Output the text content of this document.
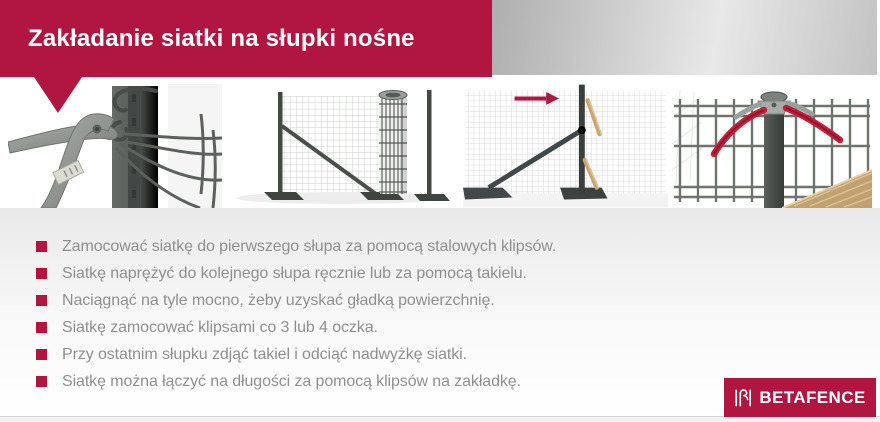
Zakładanie siatki na słupki nośne
Zamocować siatkę do pierwszego słupa za pomocą stalowych klipsów.
Siatkę naprężyć do kolejnego słupa ręcznie lub za pomocą takielu.
Naciągnąć na tyle mocno, żeby uzyskać gładką powierzchnię.
Siatkę zamocować klipsami co 3 lub 4 oczka.
Przy ostatnim słupku zdjąć takiel i odciąć nadwyżkę siatki.
Siatkę można łączyć na długości za pomocą klipsów na zakładkę.
BETAFENCE
